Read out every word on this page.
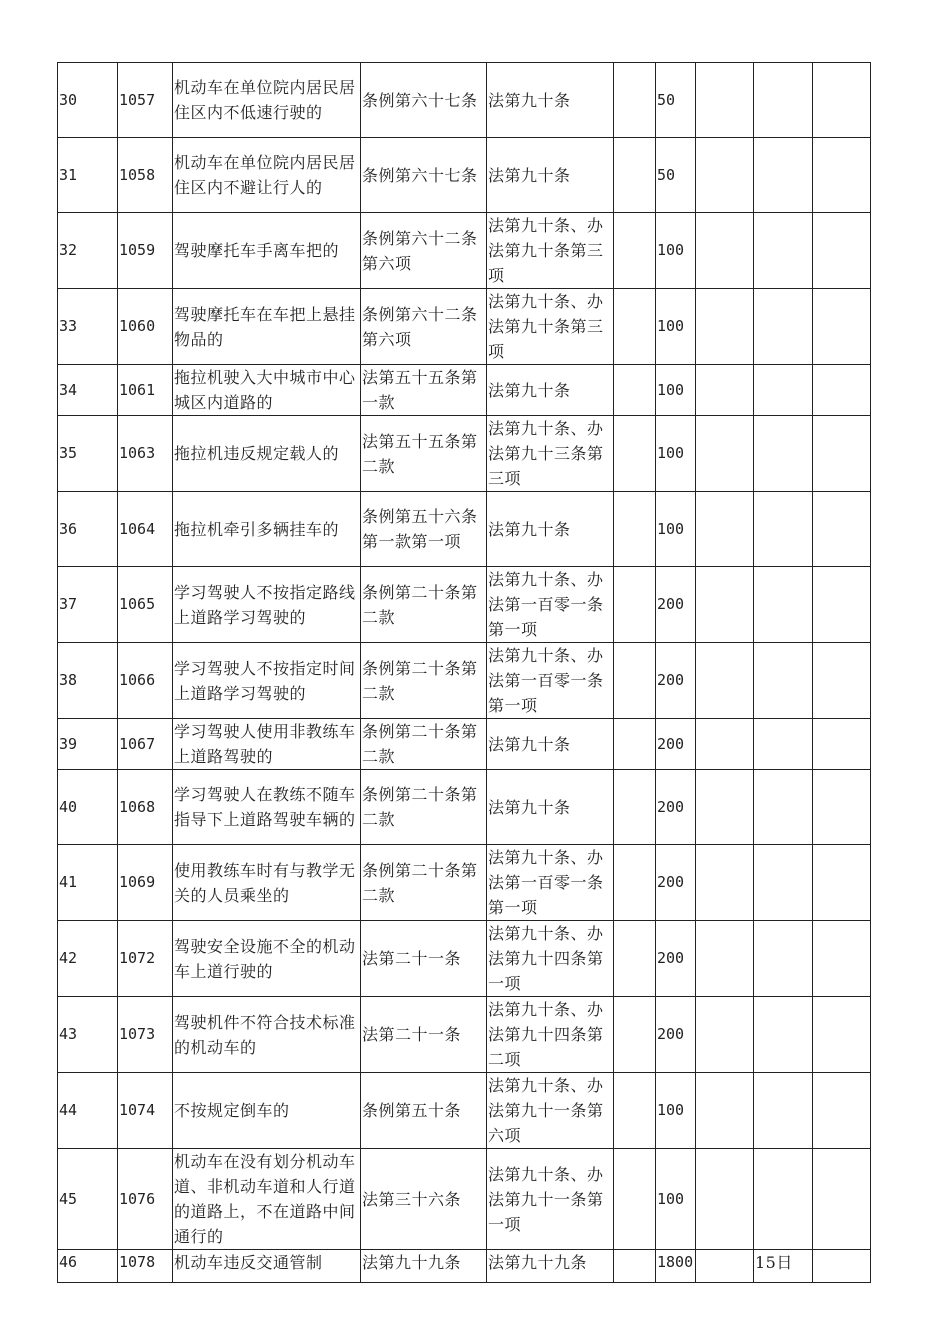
30	1057	机动车在单位院内居民居住区内不低速行驶的	条例第六十七条	法第九十条		50			
31	1058	机动车在单位院内居民居住区内不避让行人的	条例第六十七条	法第九十条		50			
32	1059	驾驶摩托车手离车把的	条例第六十二条第六项	法第九十条、办法第九十条第三项		100			
33	1060	驾驶摩托车在车把上悬挂物品的	条例第六十二条第六项	法第九十条、办法第九十条第三项		100			
34	1061	拖拉机驶入大中城市中心城区内道路的	法第五十五条第一款	法第九十条		100			
35	1063	拖拉机违反规定载人的	法第五十五条第二款	法第九十条、办法第九十三条第三项		100			
36	1064	拖拉机牵引多辆挂车的	条例第五十六条第一款第一项	法第九十条		100			
37	1065	学习驾驶人不按指定路线上道路学习驾驶的	条例第二十条第二款	法第九十条、办法第一百零一条第一项		200			
38	1066	学习驾驶人不按指定时间上道路学习驾驶的	条例第二十条第二款	法第九十条、办法第一百零一条第一项		200			
39	1067	学习驾驶人使用非教练车上道路驾驶的	条例第二十条第二款	法第九十条		200			
40	1068	学习驾驶人在教练不随车指导下上道路驾驶车辆的	条例第二十条第二款	法第九十条		200			
41	1069	使用教练车时有与教学无关的人员乘坐的	条例第二十条第二款	法第九十条、办法第一百零一条第一项		200			
42	1072	驾驶安全设施不全的机动车上道行驶的	法第二十一条	法第九十条、办法第九十四条第一项		200			
43	1073	驾驶机件不符合技术标准的机动车的	法第二十一条	法第九十条、办法第九十四条第二项		200			
44	1074	不按规定倒车的	条例第五十条	法第九十条、办法第九十一条第六项		100			
45	1076	机动车在没有划分机动车道、非机动车道和人行道的道路上，不在道路中间通行的	法第三十六条	法第九十条、办法第九十一条第一项		100			
46	1078	机动车违反交通管制	法第九十九条	法第九十九条		1800		15日	
